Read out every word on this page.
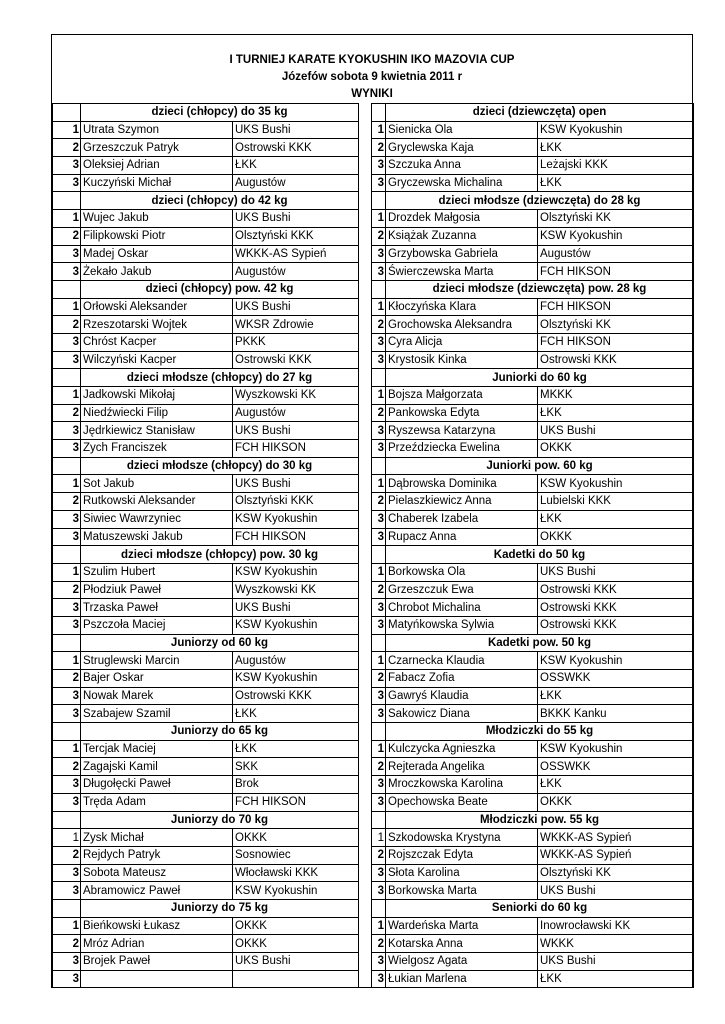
I TURNIEJ KARATE KYOKUSHIN IKO MAZOVIA CUP
Józefów sobota 9 kwietnia 2011 r
WYNIKI
	dzieci (chłopcy) do 35 kg	
1	Utrata Szymon	UKS Bushi
2	Grzeszczuk Patryk	Ostrowski KKK
3	Oleksiej Adrian	ŁKK
3	Kuczyński Michał	Augustów
	dzieci (chłopcy) do 42 kg	
1	Wujec Jakub	UKS Bushi
2	Filipkowski Piotr	Olsztyński KKK
3	Madej Oskar	WKKK-AS Sypień
3	Żekało Jakub	Augustów
	dzieci (chłopcy) pow. 42 kg	
1	Orłowski Aleksander	UKS Bushi
2	Rzeszotarski Wojtek	WKSR Zdrowie
3	Chróst Kacper	PKKK
3	Wilczyński Kacper	Ostrowski KKK
	dzieci młodsze (chłopcy) do 27 kg	
1	Jadkowski Mikołaj	Wyszkowski KK
2	Niedźwiecki Filip	Augustów
3	Jędrkiewicz Stanisław	UKS Bushi
3	Zych Franciszek	FCH HIKSON
	dzieci młodsze (chłopcy) do 30 kg	
1	Sot Jakub	UKS Bushi
2	Rutkowski Aleksander	Olsztyński KKK
3	Siwiec Wawrzyniec	KSW Kyokushin
3	Matuszewski Jakub	FCH HIKSON
	dzieci młodsze (chłopcy) pow. 30 kg	
1	Szulim Hubert	KSW Kyokushin
2	Płodziuk Paweł	Wyszkowski KK
3	Trzaska Paweł	UKS Bushi
3	Pszczoła Maciej	KSW Kyokushin
	Juniorzy od 60 kg	
1	Struglewski Marcin	Augustów
2	Bajer Oskar	KSW Kyokushin
3	Nowak Marek	Ostrowski KKK
3	Szabajew Szamil	ŁKK
	Juniorzy do 65 kg	
1	Tercjak Maciej	ŁKK
2	Zagajski Kamil	SKK
3	Długołęcki Paweł	Brok
3	Trędа Adam	FCH HIKSON
	Juniorzy do 70 kg	
1	Zysk Michał	OKKK
2	Rejdych Patryk	Sosnowiec
3	Sobota Mateusz	Włocławski KKK
3	Abramowicz Paweł	KSW Kyokushin
	Juniorzy do 75 kg	
1	Bieńkowski Łukasz	OKKK
2	Mróz Adrian	OKKK
3	Brojek Paweł	UKS Bushi
3		
	dzieci (dziewczęta) open	
1	Sienicka Ola	KSW Kyokushin
2	Gryclewska Kaja	ŁKK
3	Szczuka Anna	Leżajski KKK
3	Gryczewska Michalina	ŁKK
	dzieci młodsze (dziewczęta) do 28 kg	
1	Drozdek Małgosia	Olsztyński KK
2	Książak Zuzanna	KSW Kyokushin
3	Grzybowska Gabriela	Augustów
3	Świerczewska Marta	FCH HIKSON
	dzieci młodsze (dziewczęta) pow. 28 kg	
1	Kłoczyńska Klara	FCH HIKSON
2	Grochowska Aleksandra	Olsztyński KK
3	Cyra Alicja	FCH HIKSON
3	Krystosik Kinka	Ostrowski KKK
	Juniorki do 60 kg	
1	Bojsza Małgorzata	MKKK
2	Pankowska Edyta	ŁKK
3	Ryszewsa Katarzyna	UKS Bushi
3	Przeździecka Ewelina	OKKK
	Juniorki pow. 60 kg	
1	Dąbrowska Dominika	KSW Kyokushin
2	Pielaszkiewicz Anna	Lubielski KKK
3	Chaberek Izabela	ŁKK
3	Rupacz Anna	OKKK
	Kadetki do 50 kg	
1	Borkowska Ola	UKS Bushi
2	Grzeszczuk Ewa	Ostrowski KKK
3	Chrobot Michalina	Ostrowski KKK
3	Matyńkowska Sylwia	Ostrowski KKK
	Kadetki pow. 50 kg	
1	Czarnecka Klaudia	KSW Kyokushin
2	Fabacz Zofia	OSSWKK
3	Gawryś Klaudia	ŁKK
3	Sakowicz Diana	BKKK Kanku
	Młodziczki do 55 kg	
1	Kulczycka Agnieszka	KSW Kyokushin
2	Rejterada Angelika	OSSWKK
3	Mroczkowska Karolina	ŁKK
3	Opechowska Beate	OKKK
	Młodziczki pow. 55 kg	
1	Szkodowska Krystyna	WKKK-AS Sypień
2	Rojszczak Edyta	WKKK-AS Sypień
3	Słota Karolina	Olsztyński KK
3	Borkowska Marta	UKS Bushi
	Seniorki do 60 kg	
1	Wardeńska Marta	Inowrocławski KK
2	Kotarska Anna	WKKK
3	Wielgosz Agata	UKS Bushi
3	Łukian Marlena	ŁKK
